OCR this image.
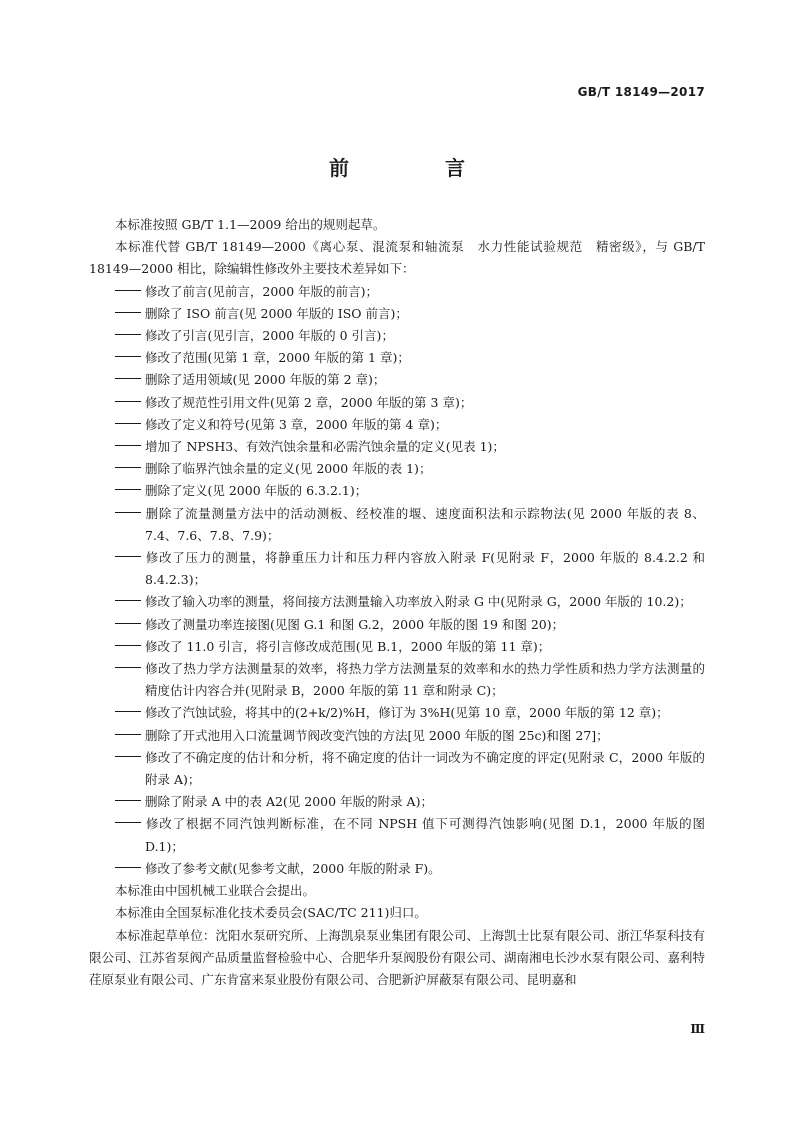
GB/T 18149—2017
前　言

本标准按照 GB/T 1.1—2009 给出的规则起草。

本标准代替 GB/T 18149—2000《离心泵、混流泵和轴流泵　水力性能试验规范　精密级》，与 GB/T 18149—2000 相比，除编辑性修改外主要技术差异如下：

修改了前言(见前言，2000 年版的前言)；

删除了 ISO 前言(见 2000 年版的 ISO 前言)；

修改了引言(见引言，2000 年版的 0 引言)；

修改了范围(见第 1 章，2000 年版的第 1 章)；

删除了适用领域(见 2000 年版的第 2 章)；

修改了规范性引用文件(见第 2 章，2000 年版的第 3 章)；

修改了定义和符号(见第 3 章，2000 年版的第 4 章)；

增加了 NPSH3、有效汽蚀余量和必需汽蚀余量的定义(见表 1)；

删除了临界汽蚀余量的定义(见 2000 年版的表 1)；

删除了定义(见 2000 年版的 6.3.2.1)；

删除了流量测量方法中的活动测板、经校准的堰、速度面积法和示踪物法(见 2000 年版的表 8、7.4、7.6、7.8、7.9)；

修改了压力的测量，将静重压力计和压力秤内容放入附录 F(见附录 F，2000 年版的 8.4.2.2 和 8.4.2.3)；

修改了输入功率的测量，将间接方法测量输入功率放入附录 G 中(见附录 G，2000 年版的 10.2)；

修改了测量功率连接图(见图 G.1 和图 G.2，2000 年版的图 19 和图 20)；

修改了 11.0 引言，将引言修改成范围(见 B.1，2000 年版的第 11 章)；

修改了热力学方法测量泵的效率，将热力学方法测量泵的效率和水的热力学性质和热力学方法测量的精度估计内容合并(见附录 B，2000 年版的第 11 章和附录 C)；

修改了汽蚀试验，将其中的(2+k/2)%H，修订为 3%H(见第 10 章，2000 年版的第 12 章)；

删除了开式池用入口流量调节阀改变汽蚀的方法[见 2000 年版的图 25c)和图 27]；

修改了不确定度的估计和分析，将不确定度的估计一词改为不确定度的评定(见附录 C，2000 年版的附录 A)；

删除了附录 A 中的表 A2(见 2000 年版的附录 A)；

修改了根据不同汽蚀判断标准，在不同 NPSH 值下可测得汽蚀影响(见图 D.1，2000 年版的图 D.1)；

修改了参考文献(见参考文献，2000 年版的附录 F)。

本标准由中国机械工业联合会提出。

本标准由全国泵标准化技术委员会(SAC/TC 211)归口。

本标准起草单位：沈阳水泵研究所、上海凯泉泵业集团有限公司、上海凯士比泵有限公司、浙江华泵科技有限公司、江苏省泵阀产品质量监督检验中心、合肥华升泵阀股份有限公司、湖南湘电长沙水泵有限公司、嘉利特荏原泵业有限公司、广东肯富来泵业股份有限公司、合肥新沪屏蔽泵有限公司、昆明嘉和

Ⅲ
